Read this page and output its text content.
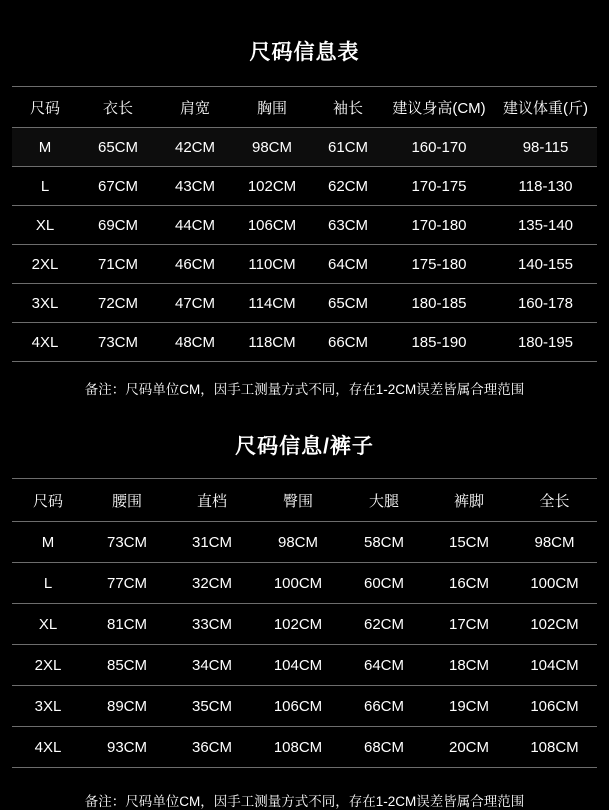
尺码信息表
尺码	衣长	肩宽	胸围	袖长	建议身高(CM)	建议体重(斤)
M	65CM	42CM	98CM	61CM	160-170	98-115
L	67CM	43CM	102CM	62CM	170-175	118-130
XL	69CM	44CM	106CM	63CM	170-180	135-140
2XL	71CM	46CM	110CM	64CM	175-180	140-155
3XL	72CM	47CM	114CM	65CM	180-185	160-178
4XL	73CM	48CM	118CM	66CM	185-190	180-195
备注：尺码单位CM，因手工测量方式不同，存在1-2CM误差皆属合理范围
尺码信息/裤子
尺码	腰围	直档	臀围	大腿	裤脚	全长
M	73CM	31CM	98CM	58CM	15CM	98CM
L	77CM	32CM	100CM	60CM	16CM	100CM
XL	81CM	33CM	102CM	62CM	17CM	102CM
2XL	85CM	34CM	104CM	64CM	18CM	104CM
3XL	89CM	35CM	106CM	66CM	19CM	106CM
4XL	93CM	36CM	108CM	68CM	20CM	108CM
备注：尺码单位CM，因手工测量方式不同，存在1-2CM误差皆属合理范围
